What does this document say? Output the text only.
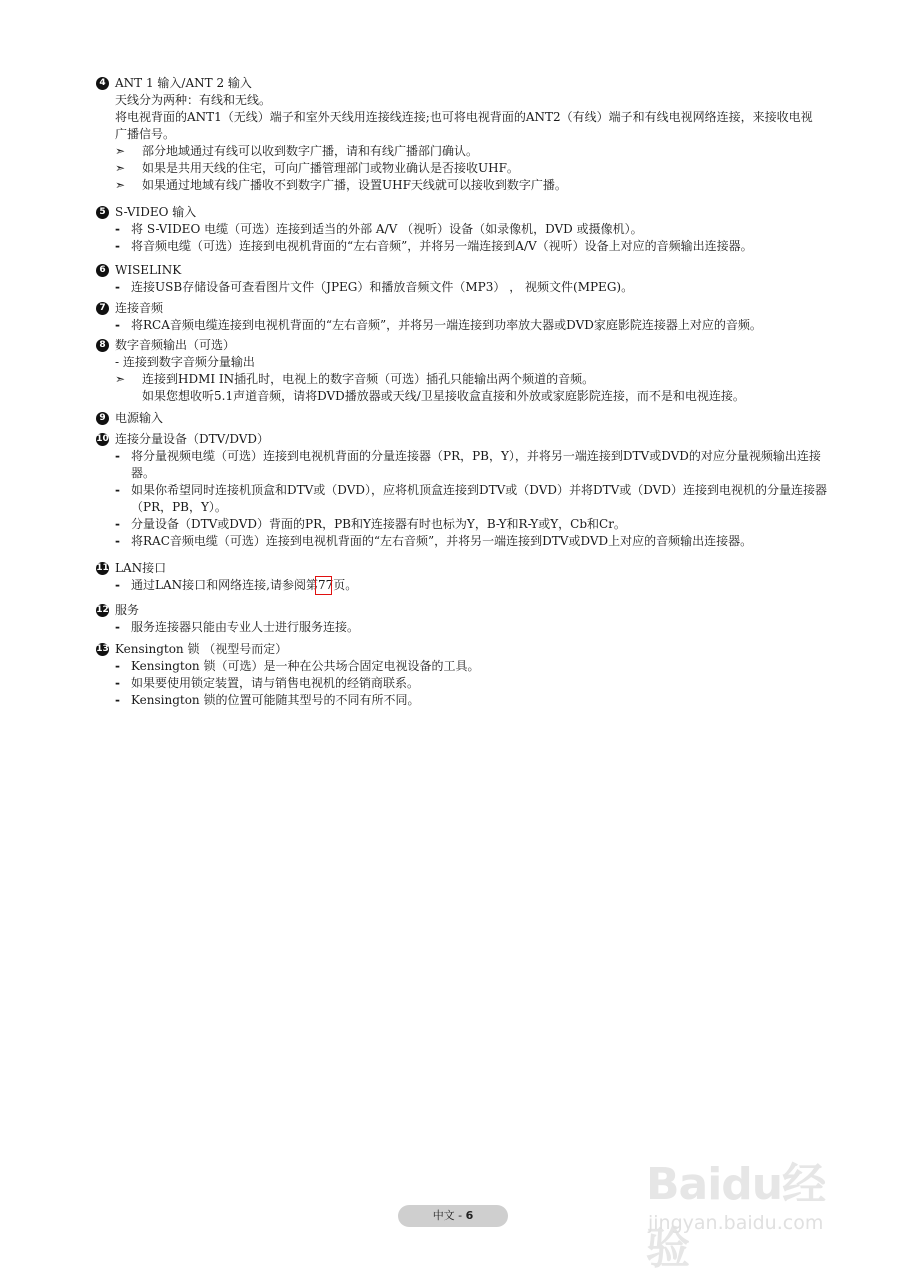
4 ANT 1 输入/ANT 2 输入
天线分为两种：有线和无线。
将电视背面的ANT1（无线）端子和室外天线用连接线连接;也可将电视背面的ANT2（有线）端子和有线电视网络连接，来接收电视
广播信号。
➣ 部分地域通过有线可以收到数字广播，请和有线广播部门确认。
➣ 如果是共用天线的住宅，可向广播管理部门或物业确认是否接收UHF。
➣ 如果通过地域有线广播收不到数字广播，设置UHF天线就可以接收到数字广播。
5 S-VIDEO 输入
- 将 S-VIDEO 电缆（可选）连接到适当的外部 A/V （视听）设备（如录像机，DVD 或摄像机）。
- 将音频电缆（可选）连接到电视机背面的“左右音频”，并将另一端连接到A/V（视听）设备上对应的音频输出连接器。
6 WISELINK
- 连接USB存储设备可查看图片文件（JPEG）和播放音频文件（MP3） ， 视频文件(MPEG)。
7 连接音频
- 将RCA音频电缆连接到电视机背面的“左右音频”，并将另一端连接到功率放大器或DVD家庭影院连接器上对应的音频。
8 数字音频输出（可选）
- 连接到数字音频分量输出
➣ 连接到HDMI IN插孔时，电视上的数字音频（可选）插孔只能输出两个频道的音频。
如果您想收听5.1声道音频，请将DVD播放器或天线/卫星接收盒直接和外放或家庭影院连接，而不是和电视连接。
9 电源输入
10 连接分量设备（DTV/DVD）
- 将分量视频电缆（可选）连接到电视机背面的分量连接器（PR，PB，Y），并将另一端连接到DTV或DVD的对应分量视频输出连接
器。
- 如果你希望同时连接机顶盒和DTV或（DVD），应将机顶盒连接到DTV或（DVD）并将DTV或（DVD）连接到电视机的分量连接器
（PR，PB，Y）。
- 分量设备（DTV或DVD）背面的PR，PB和Y连接器有时也标为Y，B-Y和R-Y或Y，Cb和Cr。
- 将RAC音频电缆（可选）连接到电视机背面的“左右音频”，并将另一端连接到DTV或DVD上对应的音频输出连接器。
11 LAN接口
- 通过LAN接口和网络连接,请参阅第77页。
12 服务
- 服务连接器只能由专业人士进行服务连接。
13 Kensington 锁 （视型号而定）
- Kensington 锁（可选）是一种在公共场合固定电视设备的工具。
- 如果要使用锁定装置，请与销售电视机的经销商联系。
- Kensington 锁的位置可能随其型号的不同有所不同。
中文 - 6
Baidu经验
jingyan.baidu.com
